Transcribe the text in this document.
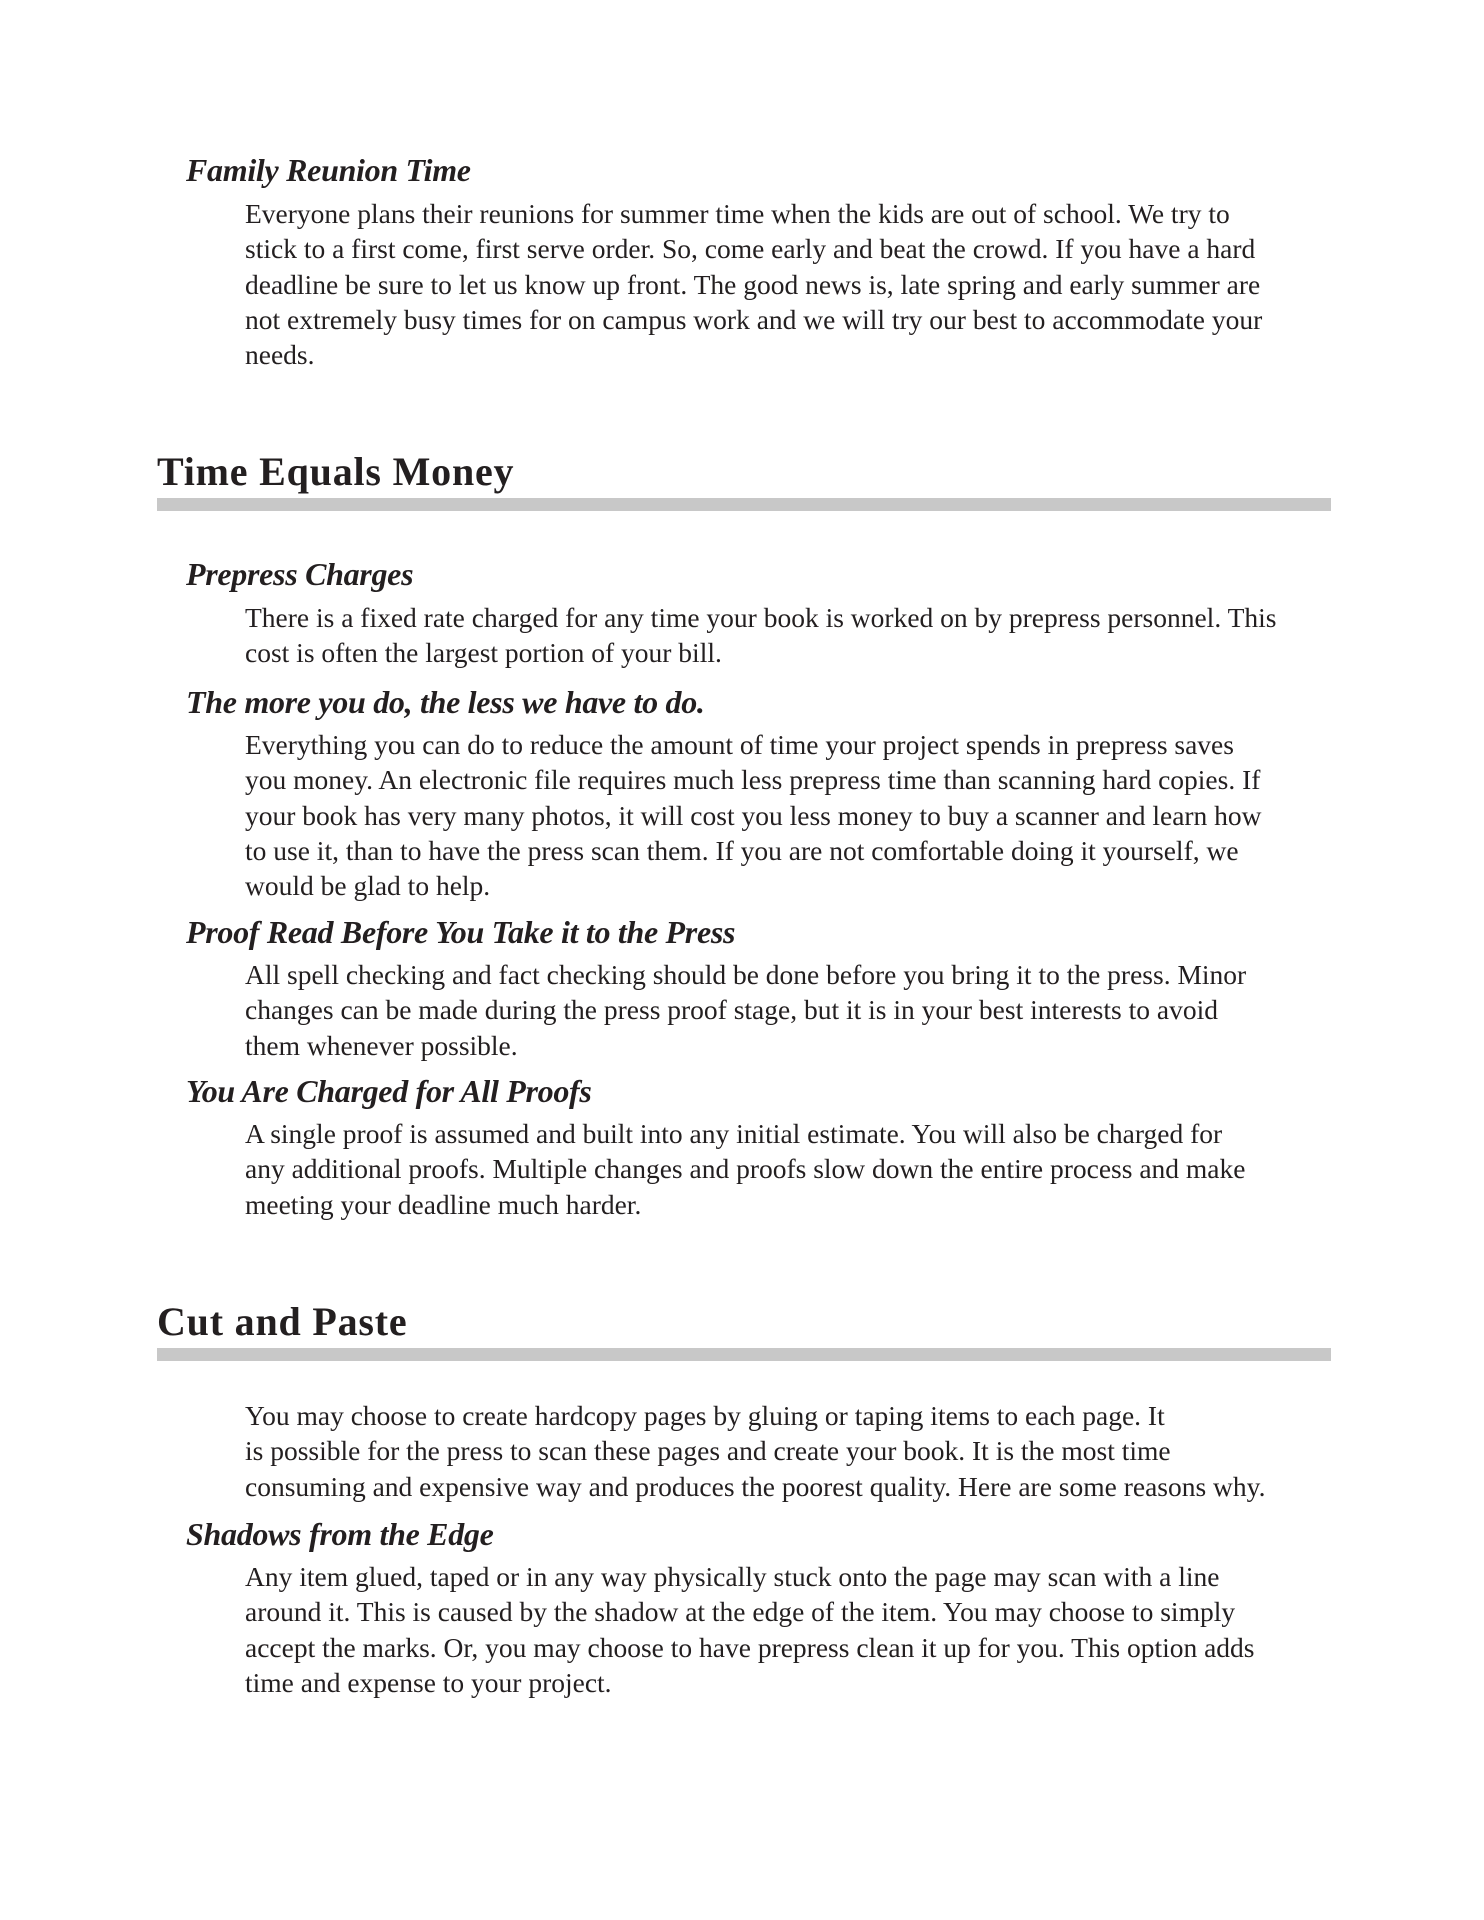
Family Reunion Time
Everyone plans their reunions for summer time when the kids are out of school. We try to
stick to a first come, first serve order. So, come early and beat the crowd. If you have a hard
deadline be sure to let us know up front. The good news is, late spring and early summer are
not extremely busy times for on campus work and we will try our best to accommodate your
needs.
Time Equals Money
Prepress Charges
There is a fixed rate charged for any time your book is worked on by prepress personnel. This
cost is often the largest portion of your bill.
The more you do, the less we have to do.
Everything you can do to reduce the amount of time your project spends in prepress saves
you money. An electronic file requires much less prepress time than scanning hard copies. If
your book has very many photos, it will cost you less money to buy a scanner and learn how
to use it, than to have the press scan them. If you are not comfortable doing it yourself, we
would be glad to help.
Proof Read Before You Take it to the Press
All spell checking and fact checking should be done before you bring it to the press. Minor
changes can be made during the press proof stage, but it is in your best interests to avoid
them whenever possible.
You Are Charged for All Proofs
A single proof is assumed and built into any initial estimate. You will also be charged for
any additional proofs. Multiple changes and proofs slow down the entire process and make
meeting your deadline much harder.
Cut and Paste
You may choose to create hardcopy pages by gluing or taping items to each page. It
is possible for the press to scan these pages and create your book. It is the most time
consuming and expensive way and produces the poorest quality. Here are some reasons why.
Shadows from the Edge
Any item glued, taped or in any way physically stuck onto the page may scan with a line
around it. This is caused by the shadow at the edge of the item. You may choose to simply
accept the marks. Or, you may choose to have prepress clean it up for you. This option adds
time and expense to your project.
